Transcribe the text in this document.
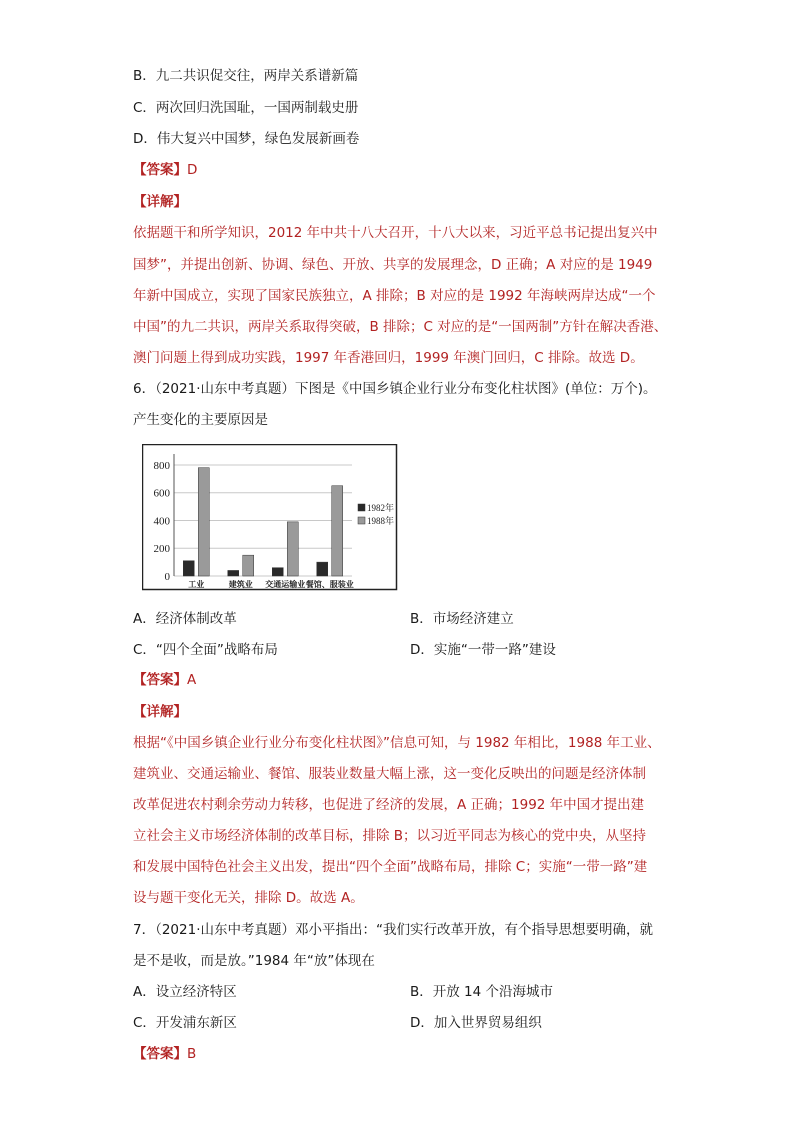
B．九二共识促交往，两岸关系谱新篇
C．两次回归洗国耻，一国两制载史册
D．伟大复兴中国梦，绿色发展新画卷
【答案】D
【详解】
依据题干和所学知识，2012 年中共十八大召开，十八大以来，习近平总书记提出复兴中
国梦”，并提出创新、协调、绿色、开放、共享的发展理念，D 正确；A 对应的是 1949
年新中国成立，实现了国家民族独立，A 排除；B 对应的是 1992 年海峡两岸达成“一个
中国”的九二共识，两岸关系取得突破，B 排除；C 对应的是“一国两制”方针在解决香港、
澳门问题上得到成功实践，1997 年香港回归，1999 年澳门回归，C 排除。故选 D。
6．（2021·山东中考真题）下图是《中国乡镇企业行业分布变化柱状图》(单位：万个)。
产生变化的主要原因是
0
200
400
600
800
工业	建筑业 交通运输业 餐馆、服装业
1982年
1988年
A．经济体制改革	B．市场经济建立
C．“四个全面”战略布局	D．实施“一带一路”建设
【答案】A
【详解】
根据“《中国乡镇企业行业分布变化柱状图》”信息可知，与 1982 年相比，1988 年工业、
建筑业、交通运输业、餐馆、服装业数量大幅上涨，这一变化反映出的问题是经济体制
改革促进农村剩余劳动力转移，也促进了经济的发展，A 正确；1992 年中国才提出建
立社会主义市场经济体制的改革目标，排除 B；以习近平同志为核心的党中央，从坚持
和发展中国特色社会主义出发，提出“四个全面”战略布局，排除 C；实施“一带一路”建
设与题干变化无关，排除 D。故选 A。
7．（2021·山东中考真题）邓小平指出：“我们实行改革开放，有个指导思想要明确，就
是不是收，而是放。”1984 年“放”体现在
A．设立经济特区	B．开放 14 个沿海城市
C．开发浦东新区	D．加入世界贸易组织
【答案】B
